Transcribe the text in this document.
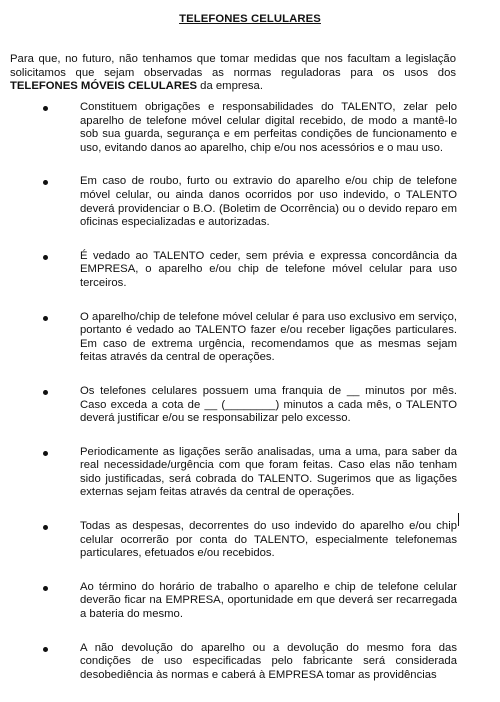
TELEFONES CELULARES

Para que, no futuro, não tenhamos que tomar medidas que nos facultam a legislação solicitamos que sejam observadas as normas reguladoras para os usos dos TELEFONES MÓVEIS CELULARES da empresa.

Constituem obrigações e responsabilidades do TALENTO, zelar pelo aparelho de telefone móvel celular digital recebido, de modo a mantê-lo sob sua guarda, segurança e em perfeitas condições de funcionamento e uso, evitando danos ao aparelho, chip e/ou nos acessórios e o mau uso.
Em caso de roubo, furto ou extravio do aparelho e/ou chip de telefone móvel celular, ou ainda danos ocorridos por uso indevido, o TALENTO deverá providenciar o B.O. (Boletim de Ocorrência) ou o devido reparo em oficinas especializadas e autorizadas.
É vedado ao TALENTO ceder, sem prévia e expressa concordância da EMPRESA, o aparelho e/ou chip de telefone móvel celular para uso terceiros.
O aparelho/chip de telefone móvel celular é para uso exclusivo em serviço, portanto é vedado ao TALENTO fazer e/ou receber ligações particulares. Em caso de extrema urgência, recomendamos que as mesmas sejam feitas através da central de operações.
Os telefones celulares possuem uma franquia de __ minutos por mês. Caso exceda a cota de __ (________) minutos a cada mês, o TALENTO deverá justificar e/ou se responsabilizar pelo excesso.
Periodicamente as ligações serão analisadas, uma a uma, para saber da real necessidade/urgência com que foram feitas. Caso elas não tenham sido justificadas, será cobrada do TALENTO. Sugerimos que as ligações externas sejam feitas através da central de operações.
Todas as despesas, decorrentes do uso indevido do aparelho e/ou chip celular ocorrerão por conta do TALENTO, especialmente telefonemas particulares, efetuados e/ou recebidos.
Ao término do horário de trabalho o aparelho e chip de telefone celular deverão ficar na EMPRESA, oportunidade em que deverá ser recarregada a bateria do mesmo.
A não devolução do aparelho ou a devolução do mesmo fora das condições de uso especificadas pelo fabricante será considerada desobediência às normas e caberá à EMPRESA tomar as providências
